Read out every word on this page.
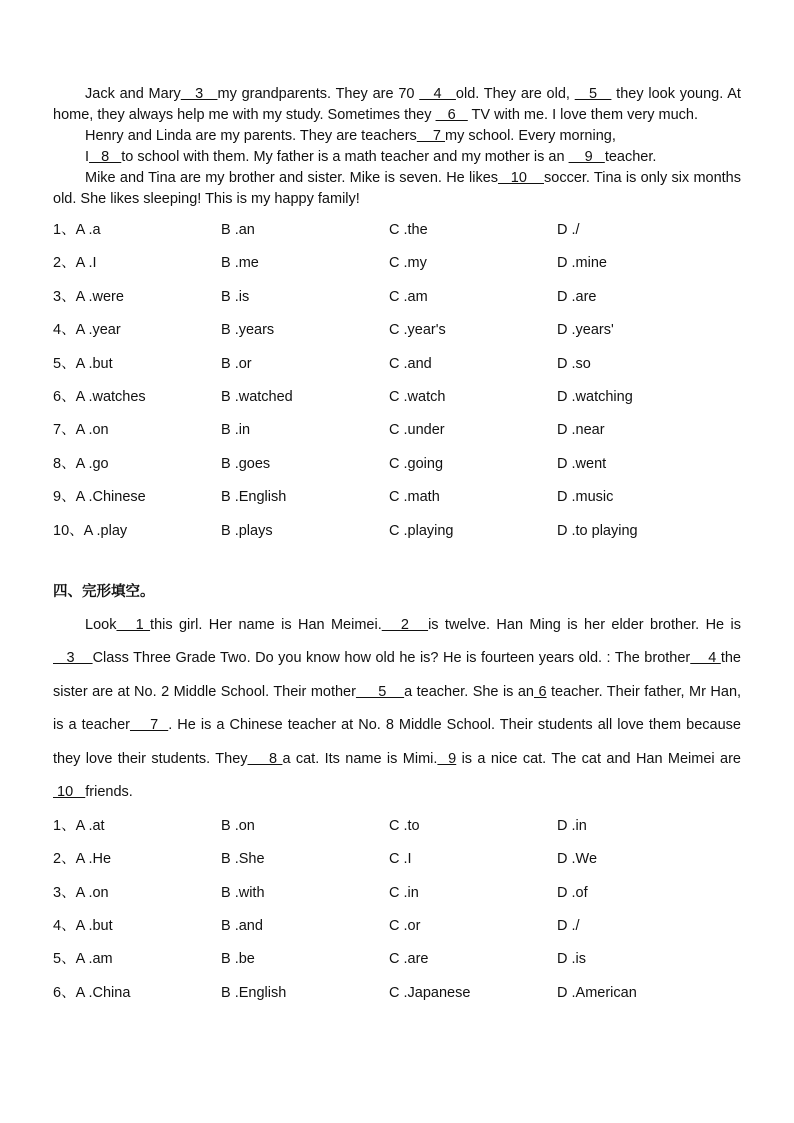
Jack and Mary   3   my grandparents. They are 70    4   old. They are old,    5    they look young. At home, they always help me with my study. Sometimes they    6    TV with me. I love them very much.

Henry and Linda are my parents. They are teachers    7 my school. Every morning,

I   8   to school with them. My father is a math teacher and my mother is an     9   teacher.

Mike and Tina are my brother and sister. Mike is seven. He likes   10    soccer. Tina is only six months old. She likes sleeping! This is my happy family!

1、A .a	B .an	C .the	D ./
2、A .I	B .me	C .my	D .mine
3、A .were	B .is	C .am	D .are
4、A .year	B .years	C .year's	D .years'
5、A .but	B .or	C .and	D .so
6、A .watches	B .watched	C .watch	D .watching
7、A .on	B .in	C .under	D .near
8、A .go	B .goes	C .going	D .went
9、A .Chinese	B .English	C .math	D .music
10、A .play	B .plays	C .playing	D .to playing

四、完形填空。

Look   1 this girl. Her name is Han Meimei.   2   is twelve. Han Ming is her elder brother. He is   3    Class Three Grade Two. Do you know how old he is? He is fourteen years old. : The brother    4 the sister are at No. 2 Middle School. Their mother     5    a teacher. She is an 6 teacher. Their father, Mr Han, is a teacher    7  . He is a Chinese teacher at No. 8 Middle School. Their students all love them because they love their students. They    8 a cat. Its name is Mimi.  9 is a nice cat. The cat and Han Meimei are 10   friends.

1、A .at	B .on	C .to	D .in
2、A .He	B .She	C .I	D .We
3、A .on	B .with	C .in	D .of
4、A .but	B .and	C .or	D ./
5、A .am	B .be	C .are	D .is
6、A .China	B .English	C .Japanese	D .American
